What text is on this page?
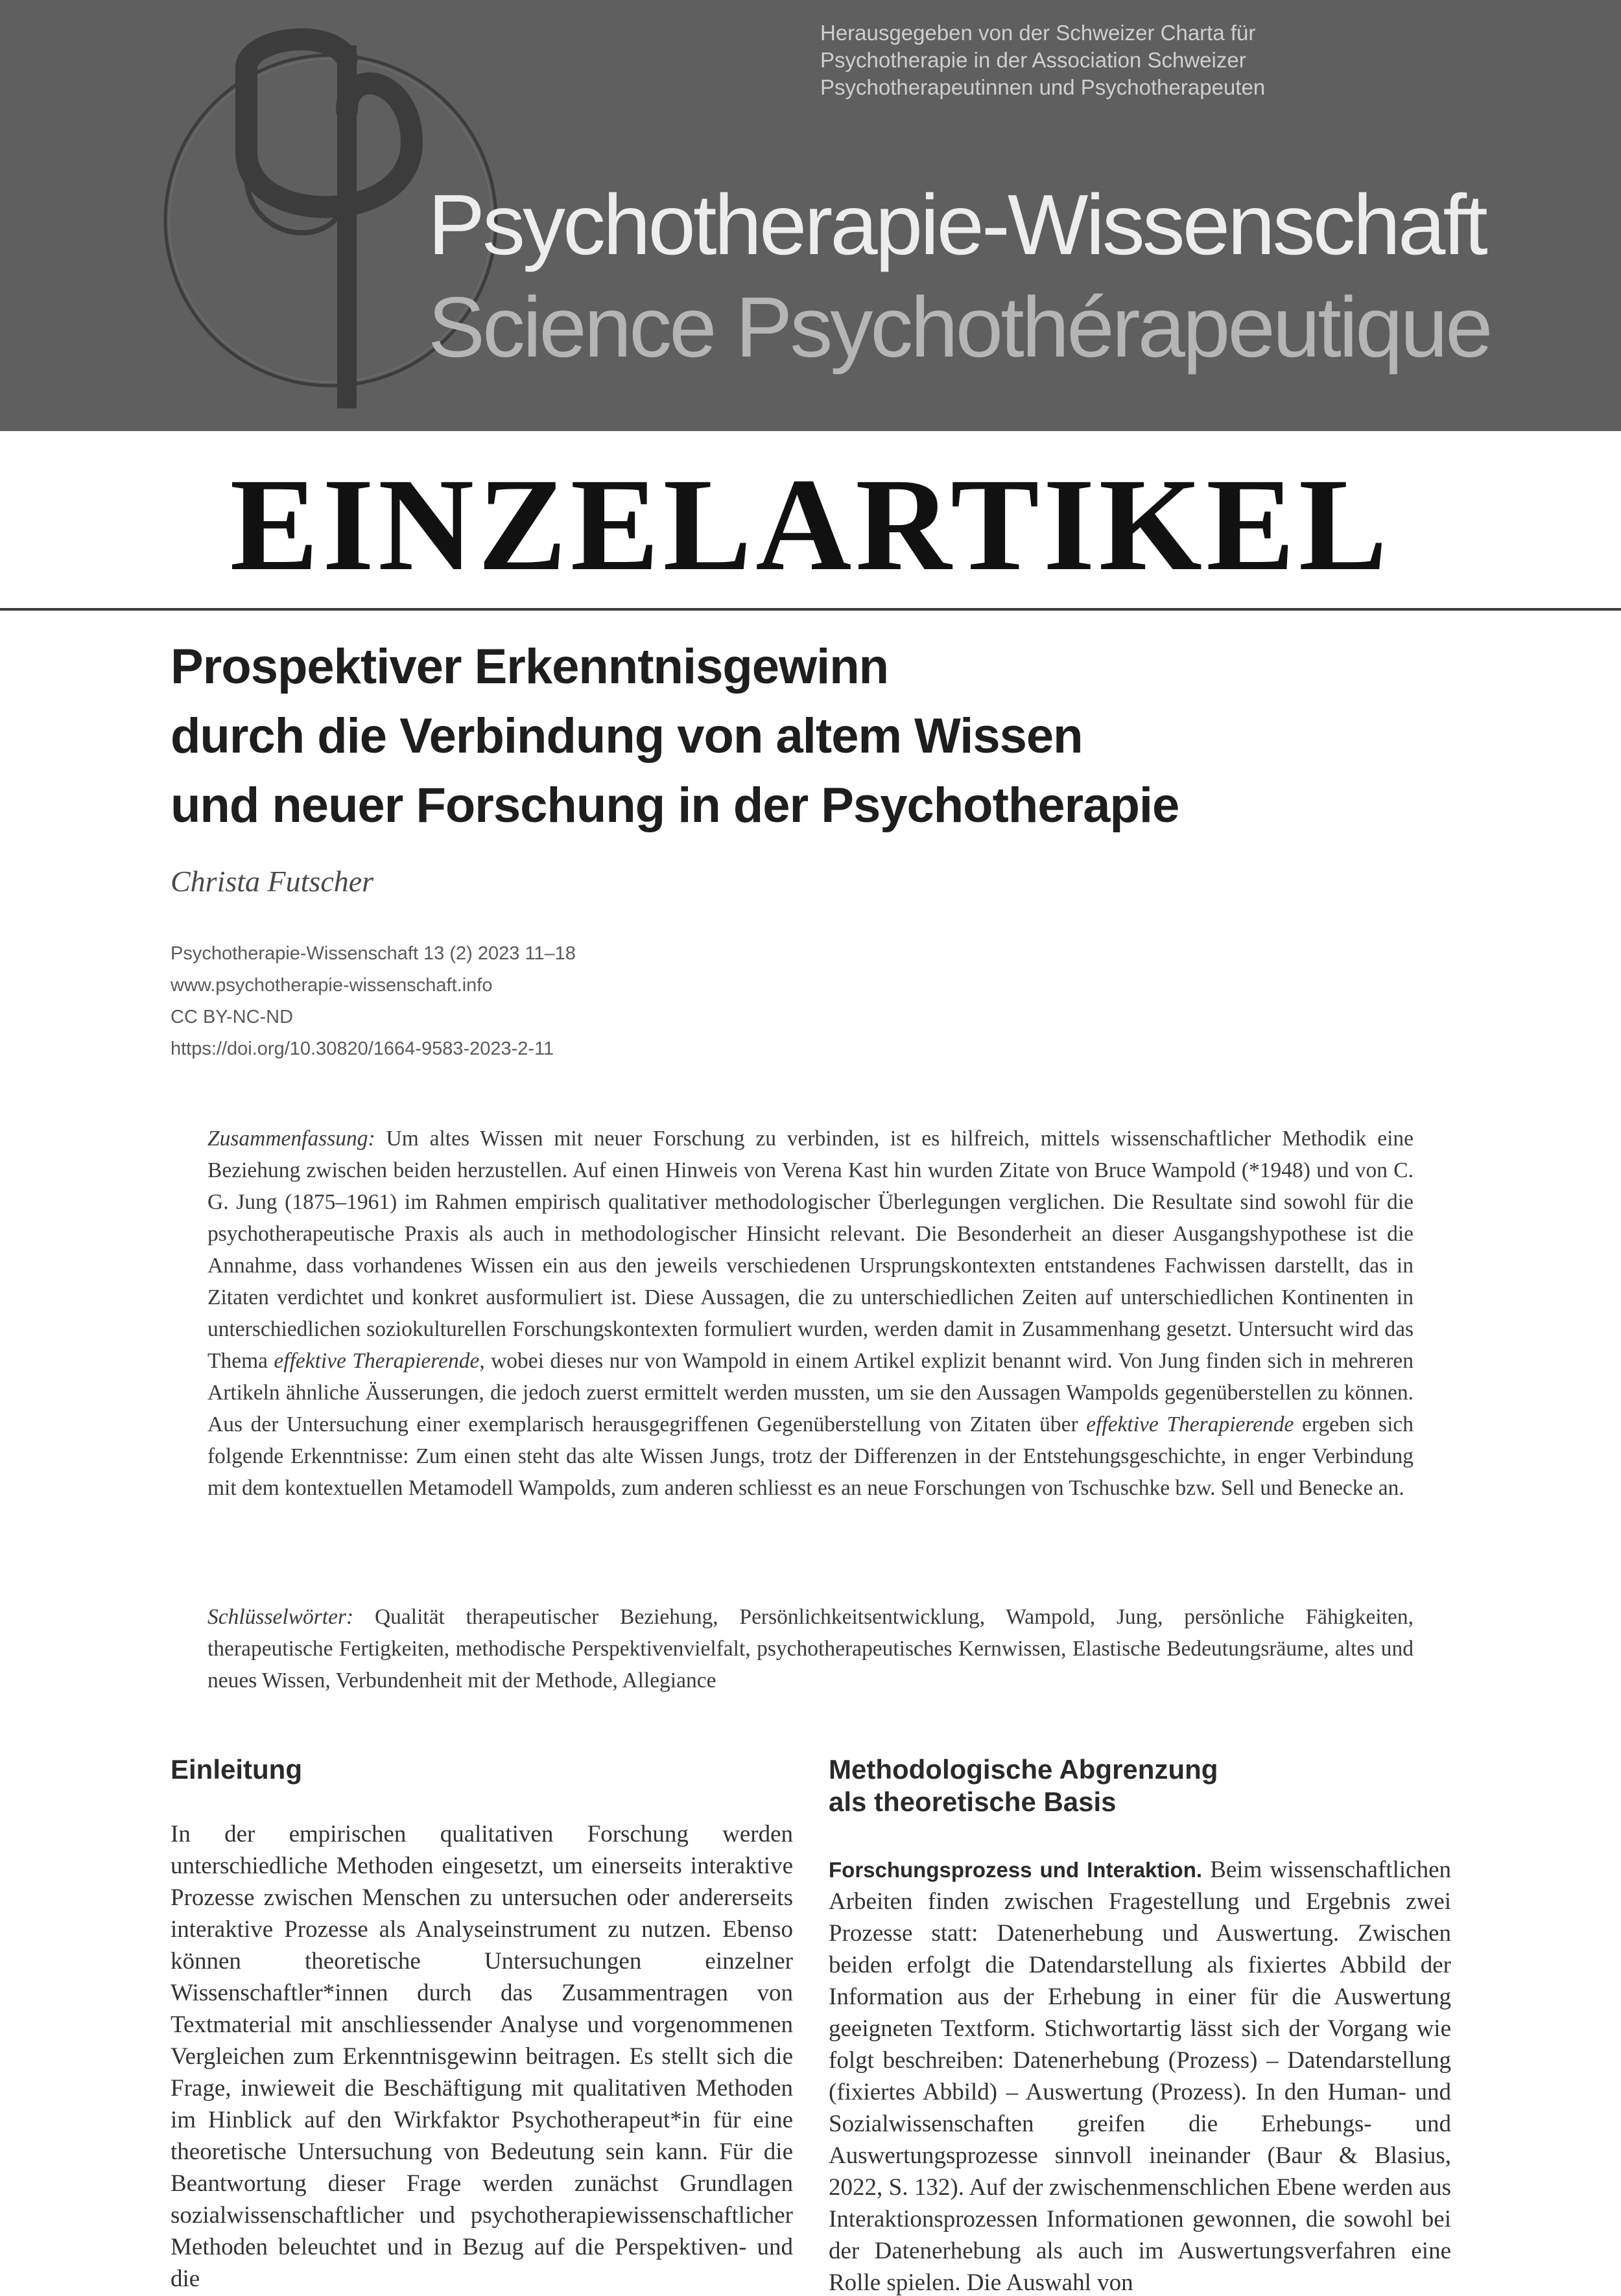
Herausgegeben von der Schweizer Charta für
Psychotherapie in der Association Schweizer
Psychotherapeutinnen und Psychotherapeuten
Psychotherapie-Wissenschaft
Science Psychothérapeutique
EINZELARTIKEL
Prospektiver Erkenntnisgewinn
durch die Verbindung von altem Wissen
und neuer Forschung in der Psychotherapie
Christa Futscher
Psychotherapie-Wissenschaft 13 (2) 2023 11–18
www.psychotherapie-wissenschaft.info
CC BY-NC-ND
https://doi.org/10.30820/1664-9583-2023-2-11

Zusammenfassung: Um altes Wissen mit neuer Forschung zu verbinden, ist es hilfreich, mittels wissenschaftlicher Methodik eine Beziehung zwischen beiden herzustellen. Auf einen Hinweis von Verena Kast hin wurden Zitate von Bruce Wampold (*1948) und von C. G. Jung (1875–1961) im Rahmen empirisch qualitativer methodologischer Überlegungen verglichen. Die Resultate sind sowohl für die psychotherapeutische Praxis als auch in methodologischer Hinsicht relevant. Die Besonderheit an dieser Ausgangshypothese ist die Annahme, dass vorhandenes Wissen ein aus den jeweils verschiedenen Ursprungskontexten entstandenes Fachwissen darstellt, das in Zitaten verdichtet und konkret ausformuliert ist. Diese Aussagen, die zu unterschiedlichen Zeiten auf unterschiedlichen Kontinenten in unterschiedlichen soziokulturellen Forschungskontexten formuliert wurden, werden damit in Zusammenhang gesetzt. Untersucht wird das Thema effektive Therapierende, wobei dieses nur von Wampold in einem Artikel explizit benannt wird. Von Jung finden sich in mehreren Artikeln ähnliche Äusserungen, die jedoch zuerst ermittelt werden mussten, um sie den Aussagen Wampolds gegenüberstellen zu können. Aus der Untersuchung einer exemplarisch herausgegriffenen Gegenüberstellung von Zitaten über effektive Therapierende ergeben sich folgende Erkenntnisse: Zum einen steht das alte Wissen Jungs, trotz der Differenzen in der Entstehungsgeschichte, in enger Verbindung mit dem kontextuellen Metamodell Wampolds, zum anderen schliesst es an neue Forschungen von Tschuschke bzw. Sell und Benecke an.

Schlüsselwörter: Qualität therapeutischer Beziehung, Persönlichkeitsentwicklung, Wampold, Jung, persönliche Fähigkeiten, therapeutische Fertigkeiten, methodische Perspektivenvielfalt, psychotherapeutisches Kernwissen, Elastische Bedeutungsräume, altes und neues Wissen, Verbundenheit mit der Methode, Allegiance

Einleitung

In der empirischen qualitativen Forschung werden unterschiedliche Methoden eingesetzt, um einerseits interaktive Prozesse zwischen Menschen zu untersuchen oder andererseits interaktive Prozesse als Analyseinstrument zu nutzen. Ebenso können theoretische Untersuchungen einzelner Wissenschaftler*innen durch das Zusammentragen von Textmaterial mit anschliessender Analyse und vorgenommenen Vergleichen zum Erkenntnisgewinn beitragen. Es stellt sich die Frage, inwieweit die Beschäftigung mit qualitativen Methoden im Hinblick auf den Wirkfaktor Psychotherapeut*in für eine theoretische Untersuchung von Bedeutung sein kann. Für die Beantwortung dieser Frage werden zunächst Grundlagen sozialwissenschaftlicher und psychotherapiewissenschaftlicher Methoden beleuchtet und in Bezug auf die Perspektiven- und die

Methodologische Abgrenzung
als theoretische Basis

Forschungsprozess und Interaktion. Beim wissenschaftlichen Arbeiten finden zwischen Fragestellung und Ergebnis zwei Prozesse statt: Datenerhebung und Auswertung. Zwischen beiden erfolgt die Datendarstellung als fixiertes Abbild der Information aus der Erhebung in einer für die Auswertung geeigneten Textform. Stichwortartig lässt sich der Vorgang wie folgt beschreiben: Datenerhebung (Prozess) – Datendarstellung (fixiertes Abbild) – Auswertung (Prozess). In den Human- und Sozialwissenschaften greifen die Erhebungs- und Auswertungsprozesse sinnvoll ineinander (Baur & Blasius, 2022, S. 132). Auf der zwischenmenschlichen Ebene werden aus Interaktionsprozessen Informationen gewonnen, die sowohl bei der Datenerhebung als auch im Auswertungsverfahren eine Rolle spielen. Die Auswahl von
